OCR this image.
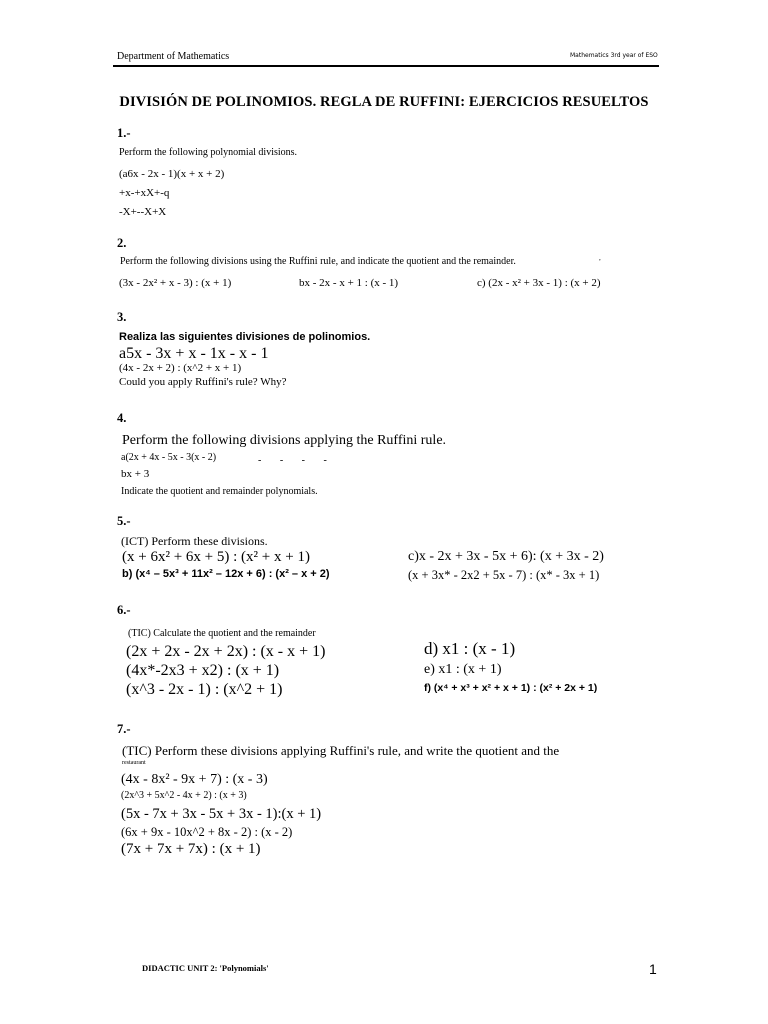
Department of Mathematics	Mathematics 3rd year of ESO
DIVISIÓN DE POLINOMIOS. REGLA DE RUFFINI: EJERCICIOS RESUELTOS
1.-
Perform the following polynomial divisions.
(a6x - 2x - 1)(x + x + 2)
+x-+xX+-q
-X+--X+X
2.
Perform the following divisions using the Ruffini rule, and indicate the quotient and the remainder.	,
(3x - 2x² + x - 3) : (x + 1)	bx - 2x - x + 1 : (x - 1)	c) (2x - x² + 3x - 1) : (x + 2)
3.
Realiza las siguientes divisiones de polinomios.
a5x - 3x + x - 1x - x - 1
(4x - 2x + 2) : (x^2 + x + 1)
Could you apply Ruffini's rule? Why?
4.
Perform the following divisions applying the Ruffini rule.
a(2x + 4x - 5x - 3(x - 2)	- - - -
bx + 3
Indicate the quotient and remainder polynomials.
5.-
(ICT) Perform these divisions.
(x + 6x² + 6x + 5) : (x² + x + 1)
b) (x⁴ – 5x³ + 11x² – 12x + 6) : (x² – x + 2)
c)x - 2x + 3x - 5x + 6): (x + 3x - 2)
(x + 3x* - 2x2 + 5x - 7) : (x* - 3x + 1)
6.-
(TIC) Calculate the quotient and the remainder
(2x + 2x - 2x + 2x) : (x - x + 1)
(4x*-2x3 + x2) : (x + 1)
(x^3 - 2x - 1) : (x^2 + 1)
d) x1 : (x - 1)
e) x1 : (x + 1)
f) (x⁴ + x³ + x² + x + 1) : (x² + 2x + 1)
7.-
(TIC) Perform these divisions applying Ruffini's rule, and write the quotient and the
restaurant
(4x - 8x² - 9x + 7) : (x - 3)
(2x^3 + 5x^2 - 4x + 2) : (x + 3)
(5x - 7x + 3x - 5x + 3x - 1):(x + 1)
(6x + 9x - 10x^2 + 8x - 2) : (x - 2)
(7x + 7x + 7x) : (x + 1)
DIDACTIC UNIT 2: 'Polynomials'	1
